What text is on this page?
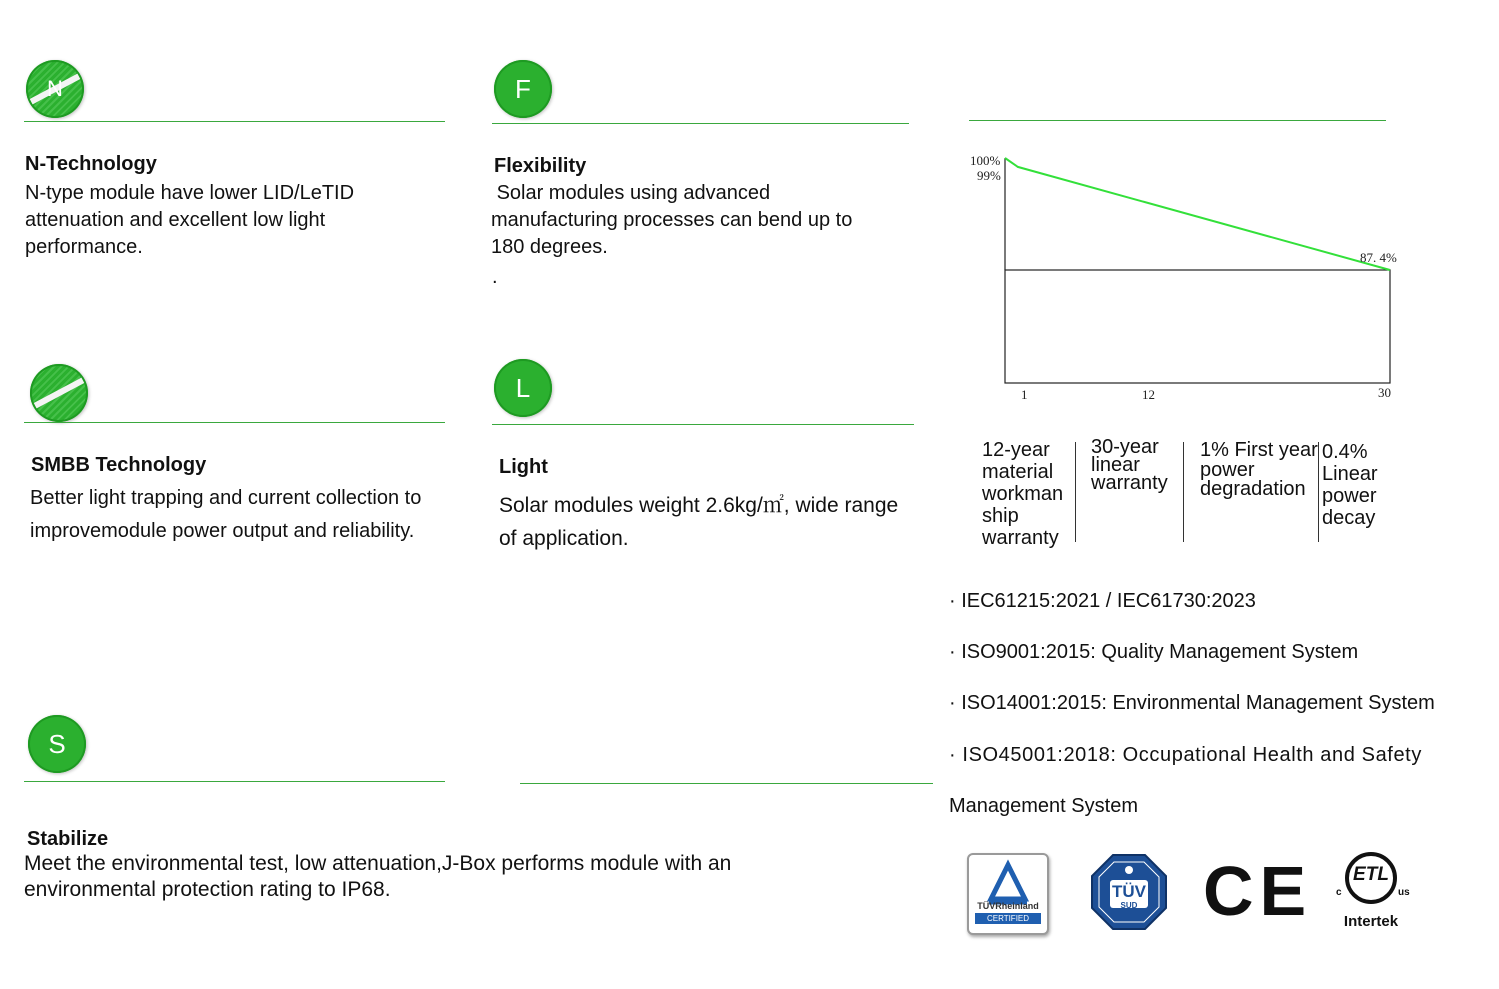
N
N-Technology
N-type module have lower LID/LeTID attenuation and excellent low light performance.
F
Flexibility
Solar modules using advanced manufacturing processes can bend up to 180 degrees.
.
SMBB Technology
Better light trapping and current collection to improvemodule power output and reliability.
L
Light
Solar modules weight 2.6kg/㎡, wide range of application.
S
Stabilize
Meet the environmental test, low attenuation,J-Box performs module with an environmental protection rating to IP68.
100%
99%
87. 4%
1	12	30
12-year material workman ship warranty
30-year linear warranty
1% First year power degradation
0.4% Linear power decay
· IEC61215:2021 / IEC61730:2023
· ISO9001:2015: Quality Management System
· ISO14001:2015: Environmental Management System
· ISO45001:2018: Occupational Health and Safety
Management System
TÜVRheinland
CERTIFIED
TÜV
SUD CE ETL
c	us
Intertek
